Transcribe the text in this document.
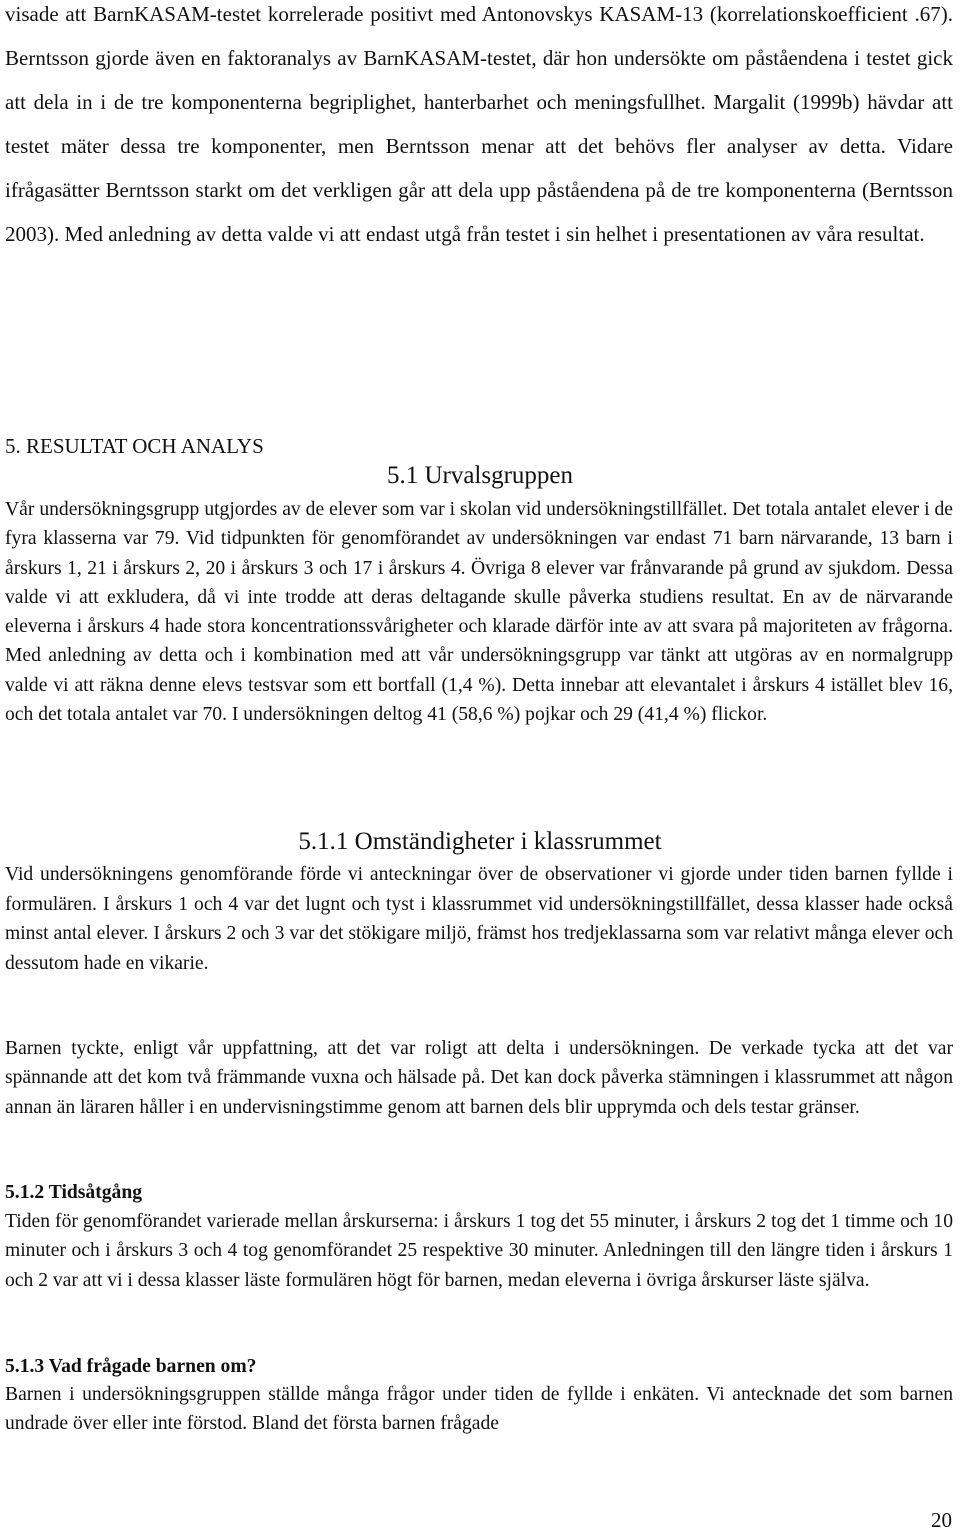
visade att BarnKASAM-testet korrelerade positivt med Antonovskys KASAM-13 (korrelationskoefficient .67). Berntsson gjorde även en faktoranalys av BarnKASAM-testet, där hon undersökte om påståendena i testet gick att dela in i de tre komponenterna begriplighet, hanterbarhet och meningsfullhet. Margalit (1999b) hävdar att testet mäter dessa tre komponenter, men Berntsson menar att det behövs fler analyser av detta. Vidare ifrågasätter Berntsson starkt om det verkligen går att dela upp påståendena på de tre komponenterna (Berntsson 2003). Med anledning av detta valde vi att endast utgå från testet i sin helhet i presentationen av våra resultat.

5. RESULTAT OCH ANALYS
5.1 Urvalsgruppen

Vår undersökningsgrupp utgjordes av de elever som var i skolan vid undersökningstillfället. Det totala antalet elever i de fyra klasserna var 79. Vid tidpunkten för genomförandet av undersökningen var endast 71 barn närvarande, 13 barn i årskurs 1, 21 i årskurs 2, 20 i årskurs 3 och 17 i årskurs 4. Övriga 8 elever var frånvarande på grund av sjukdom. Dessa valde vi att exkludera, då vi inte trodde att deras deltagande skulle påverka studiens resultat. En av de närvarande eleverna i årskurs 4 hade stora koncentrationssvårigheter och klarade därför inte av att svara på majoriteten av frågorna. Med anledning av detta och i kombination med att vår undersökningsgrupp var tänkt att utgöras av en normalgrupp valde vi att räkna denne elevs testsvar som ett bortfall (1,4 %). Detta innebar att elevantalet i årskurs 4 istället blev 16, och det totala antalet var 70. I undersökningen deltog 41 (58,6 %) pojkar och 29 (41,4 %) flickor.

5.1.1 Omständigheter i klassrummet

Vid undersökningens genomförande förde vi anteckningar över de observationer vi gjorde under tiden barnen fyllde i formulären. I årskurs 1 och 4 var det lugnt och tyst i klassrummet vid undersökningstillfället, dessa klasser hade också minst antal elever. I årskurs 2 och 3 var det stökigare miljö, främst hos tredjeklassarna som var relativt många elever och dessutom hade en vikarie.

Barnen tyckte, enligt vår uppfattning, att det var roligt att delta i undersökningen. De verkade tycka att det var spännande att det kom två främmande vuxna och hälsade på. Det kan dock påverka stämningen i klassrummet att någon annan än läraren håller i en undervisningstimme genom att barnen dels blir upprymda och dels testar gränser.

5.1.2 Tidsåtgång

Tiden för genomförandet varierade mellan årskurserna: i årskurs 1 tog det 55 minuter, i årskurs 2 tog det 1 timme och 10 minuter och i årskurs 3 och 4 tog genomförandet 25 respektive 30 minuter. Anledningen till den längre tiden i årskurs 1 och 2 var att vi i dessa klasser läste formulären högt för barnen, medan eleverna i övriga årskurser läste själva.

5.1.3 Vad frågade barnen om?

Barnen i undersökningsgruppen ställde många frågor under tiden de fyllde i enkäten. Vi antecknade det som barnen undrade över eller inte förstod. Bland det första barnen frågade

20
